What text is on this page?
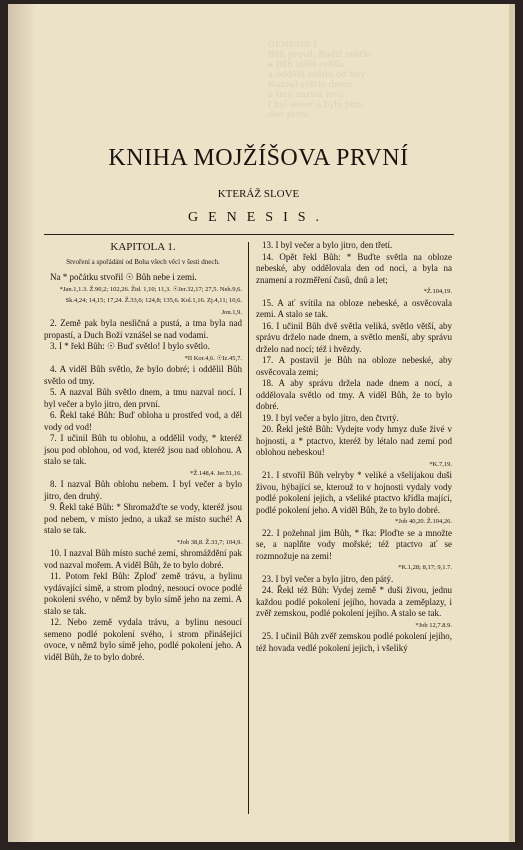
GENESIS 1
Bůh pravil: Budiž světlo
a Bůh viděl světlo
a oddělil světlo od tmy
Nazval světlo dnem
a tmu nazval nocí
I byl večer a bylo jitro
den první
KNIHA MOJŽÍŠOVA PRVNÍ
KTERÁŽ SLOVE
GENESIS.
KAPITOLA 1.
Stvoření a spořádání od Boha všech věcí v šesti dnech.
Na * počátku stvořil ☉ Bůh nebe i zemi.
*Jan.1,1.3. Ž.90,2; 102,26. Žid. 1,10; 11,3. ☉Jer.32,17; 27,5. Neh.9,6. Sk.4,24; 14,15; 17,24. Ž.33,6; 124,8; 135,6. Kol.1,16. Zj.4,11; 10,6. Jon.1,9.
2. Země pak byla nesličná a pustá, a tma byla nad propastí, a Duch Boží vznášel se nad vodami.
3. I * řekl Bůh: ☉ Buď světlo! I bylo světlo.
*II Kor.4,6. ☉Iz.45,7.
4. A viděl Bůh světlo, že bylo dobré; i oddělil Bůh světlo od tmy.
5. A nazval Bůh světlo dnem, a tmu nazval nocí. I byl večer a bylo jitro, den první.
6. Řekl také Bůh: Buď obloha u prostřed vod, a děl vody od vod!
7. I učinil Bůh tu oblohu, a oddělil vody, * kteréž jsou pod oblohou, od vod, kteréž jsou nad oblohou. A stalo se tak.
*Ž.148,4. Jer.51,16.
8. I nazval Bůh oblohu nebem. I byl večer a bylo jitro, den druhý.
9. Řekl také Bůh: * Shromažďte se vody, kteréž jsou pod nebem, v místo jedno, a ukaž se místo suché! A stalo se tak.
*Job 38,8. Ž.33,7; 104,9.
10. I nazval Bůh místo suché zemí, shromáždění pak vod nazval mořem. A viděl Bůh, že to bylo dobré.
11. Potom řekl Bůh: Zploď země trávu, a bylinu vydávající símě, a strom plodný, nesoucí ovoce podlé pokolení svého, v němž by bylo símě jeho na zemi. A stalo se tak.
12. Nebo země vydala trávu, a bylinu nesoucí semeno podlé pokolení svého, i strom přinášející ovoce, v němž bylo símě jeho, podlé pokolení jeho. A viděl Bůh, že to bylo dobré.
13. I byl večer a bylo jitro, den třetí.
14. Opět řekl Bůh: * Buďte světla na obloze nebeské, aby oddělovala den od noci, a byla na znamení a rozměření časů, dnů a let;
*Ž.104,19.
15. A ať svítila na obloze nebeské, a osvěcovala zemi. A stalo se tak.
16. I učinil Bůh dvě světla veliká, světlo větší, aby správu drželo nade dnem, a světlo menší, aby správu drželo nad nocí; též i hvězdy.
17. A postavil je Bůh na obloze nebeské, aby osvěcovala zemi;
18. A aby správu držela nade dnem a nocí, a oddělovala světlo od tmy. A viděl Bůh, že to bylo dobré.
19. I byl večer a bylo jitro, den čtvrtý.
20. Řekl ještě Bůh: Vydejte vody hmyz duše živé v hojnosti, a * ptactvo, kteréž by létalo nad zemí pod oblohou nebeskou!
*K.7,19.
21. I stvořil Bůh velryby * veliké a všelijakou duši živou, hýbající se, kterouž to v hojnosti vydaly vody podlé pokolení jejich, a všeliké ptactvo křídla mající, podlé pokolení jeho. A viděl Bůh, že to bylo dobré.
*Job 40,20. Ž.104,26.
22. I požehnal jim Bůh, * řka: Ploďte se a množte se, a naplňte vody mořské; též ptactvo ať se rozmnožuje na zemi!
*K.1,28; 8,17; 9,1.7.
23. I byl večer a bylo jitro, den pátý.
24. Řekl též Bůh: Vydej země * duši živou, jednu každou podlé pokolení jejího, hovada a zeměplazy, i zvěř zemskou, podlé pokolení jejího. A stalo se tak.
*Job 12,7.8.9.
25. I učinil Bůh zvěř zemskou podlé pokolení jejího, též hovada vedlé pokolení jejich, i všeliký
